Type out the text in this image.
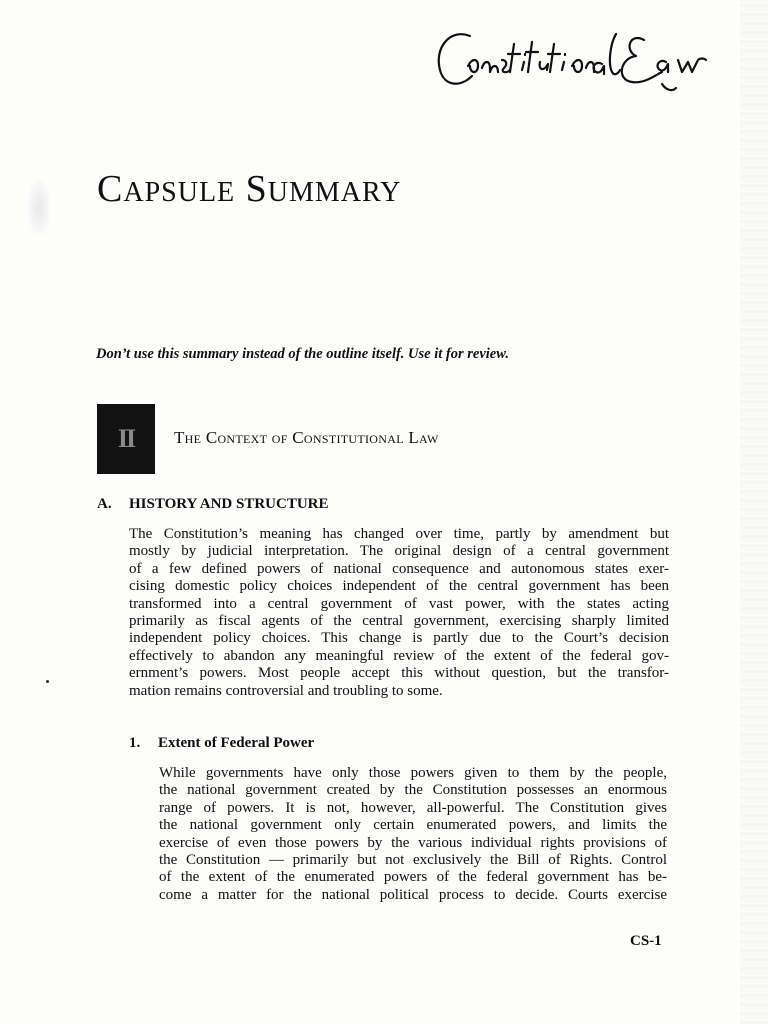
CAPSULE SUMMARY
Don’t use this summary instead of the outline itself. Use it for review.
II The Context of Constitutional Law
A. HISTORY AND STRUCTURE
The Constitution’s meaning has changed over time, partly by amendment but
mostly by judicial interpretation. The original design of a central government
of a few defined powers of national consequence and autonomous states exer-
cising domestic policy choices independent of the central government has been
transformed into a central government of vast power, with the states acting
primarily as fiscal agents of the central government, exercising sharply limited
independent policy choices. This change is partly due to the Court’s decision
effectively to abandon any meaningful review of the extent of the federal gov-
ernment’s powers. Most people accept this without question, but the transfor-
mation remains controversial and troubling to some.
1. Extent of Federal Power
While governments have only those powers given to them by the people,
the national government created by the Constitution possesses an enormous
range of powers. It is not, however, all-powerful. The Constitution gives
the national government only certain enumerated powers, and limits the
exercise of even those powers by the various individual rights provisions of
the Constitution — primarily but not exclusively the Bill of Rights. Control
of the extent of the enumerated powers of the federal government has be-
come a matter for the national political process to decide. Courts exercise
CS-1
